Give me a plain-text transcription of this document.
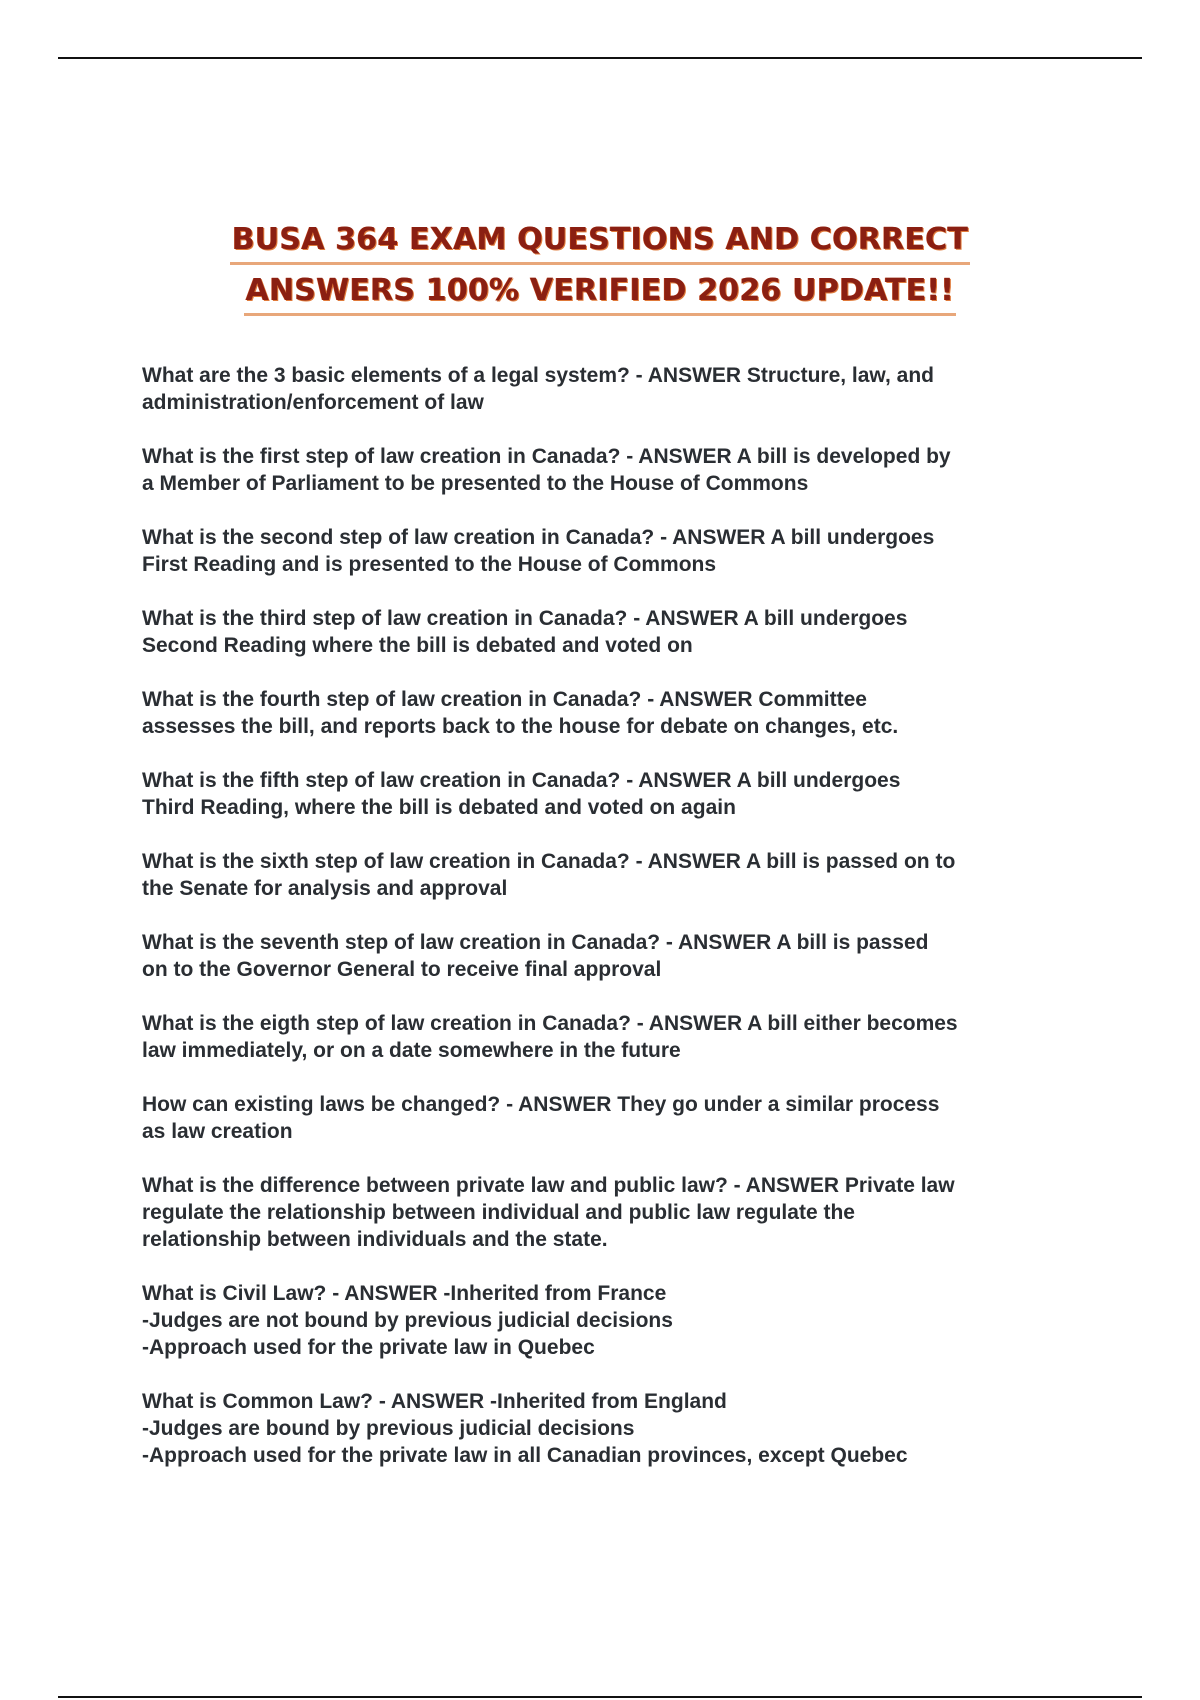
BUSA 364 EXAM QUESTIONS AND CORRECT
ANSWERS 100% VERIFIED 2026 UPDATE!!
What are the 3 basic elements of a legal system? - ANSWER Structure, law, and
administration/enforcement of law
What is the first step of law creation in Canada? - ANSWER A bill is developed by
a Member of Parliament to be presented to the House of Commons
What is the second step of law creation in Canada? - ANSWER A bill undergoes
First Reading and is presented to the House of Commons
What is the third step of law creation in Canada? - ANSWER A bill undergoes
Second Reading where the bill is debated and voted on
What is the fourth step of law creation in Canada? - ANSWER Committee
assesses the bill, and reports back to the house for debate on changes, etc.
What is the fifth step of law creation in Canada? - ANSWER A bill undergoes
Third Reading, where the bill is debated and voted on again
What is the sixth step of law creation in Canada? - ANSWER A bill is passed on to
the Senate for analysis and approval
What is the seventh step of law creation in Canada? - ANSWER A bill is passed
on to the Governor General to receive final approval
What is the eigth step of law creation in Canada? - ANSWER A bill either becomes
law immediately, or on a date somewhere in the future
How can existing laws be changed? - ANSWER They go under a similar process
as law creation
What is the difference between private law and public law? - ANSWER Private law
regulate the relationship between individual and public law regulate the
relationship between individuals and the state.
What is Civil Law? - ANSWER -Inherited from France
-Judges are not bound by previous judicial decisions
-Approach used for the private law in Quebec
What is Common Law? - ANSWER -Inherited from England
-Judges are bound by previous judicial decisions
-Approach used for the private law in all Canadian provinces, except Quebec
